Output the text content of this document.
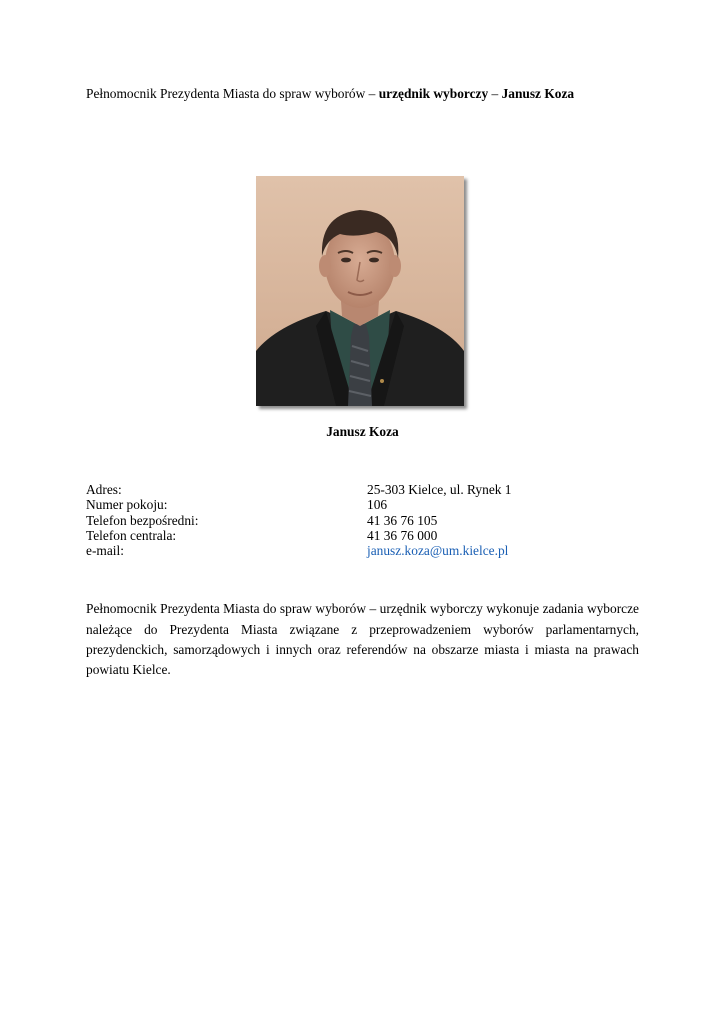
Pełnomocnik Prezydenta Miasta do spraw wyborów – urzędnik wyborczy – Janusz Koza
Janusz Koza
Adres:	25-303 Kielce, ul. Rynek 1
Numer pokoju:	106
Telefon bezpośredni:	41 36 76 105
Telefon centrala:	41 36 76 000
e-mail:	janusz.koza@um.kielce.pl

Pełnomocnik Prezydenta Miasta do spraw wyborów – urzędnik wyborczy wykonuje zadania wyborcze należące do Prezydenta Miasta związane z przeprowadzeniem wyborów parlamentarnych, prezydenckich, samorządowych i innych oraz referendów na obszarze miasta i miasta na prawach powiatu Kielce.
